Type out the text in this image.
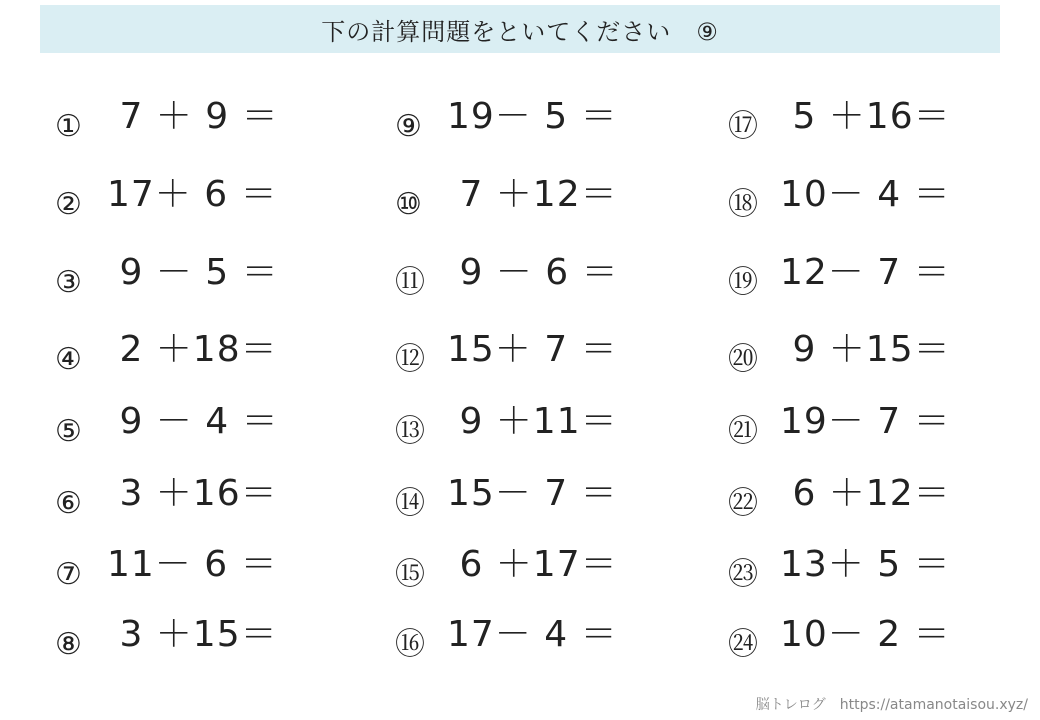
下の計算問題をといてください　⑨
① 7 ＋ 9 ＝
② 17＋ 6 ＝
③ 9 － 5 ＝
④ 2 ＋18＝
⑤ 9 － 4 ＝
⑥ 3 ＋16＝
⑦ 11－ 6 ＝
⑧ 3 ＋15＝
⑨ 19－ 5 ＝
⑩ 7 ＋12＝
⑪ 9 － 6 ＝
⑫ 15＋ 7 ＝
⑬ 9 ＋11＝
⑭ 15－ 7 ＝
⑮ 6 ＋17＝
⑯ 17－ 4 ＝
⑰ 5 ＋16＝
⑱ 10－ 4 ＝
⑲ 12－ 7 ＝
⑳ 9 ＋15＝
㉑ 19－ 7 ＝
㉒ 6 ＋12＝
㉓ 13＋ 5 ＝
㉔ 10－ 2 ＝
脳トレログ　https://atamanotaisou.xyz/
